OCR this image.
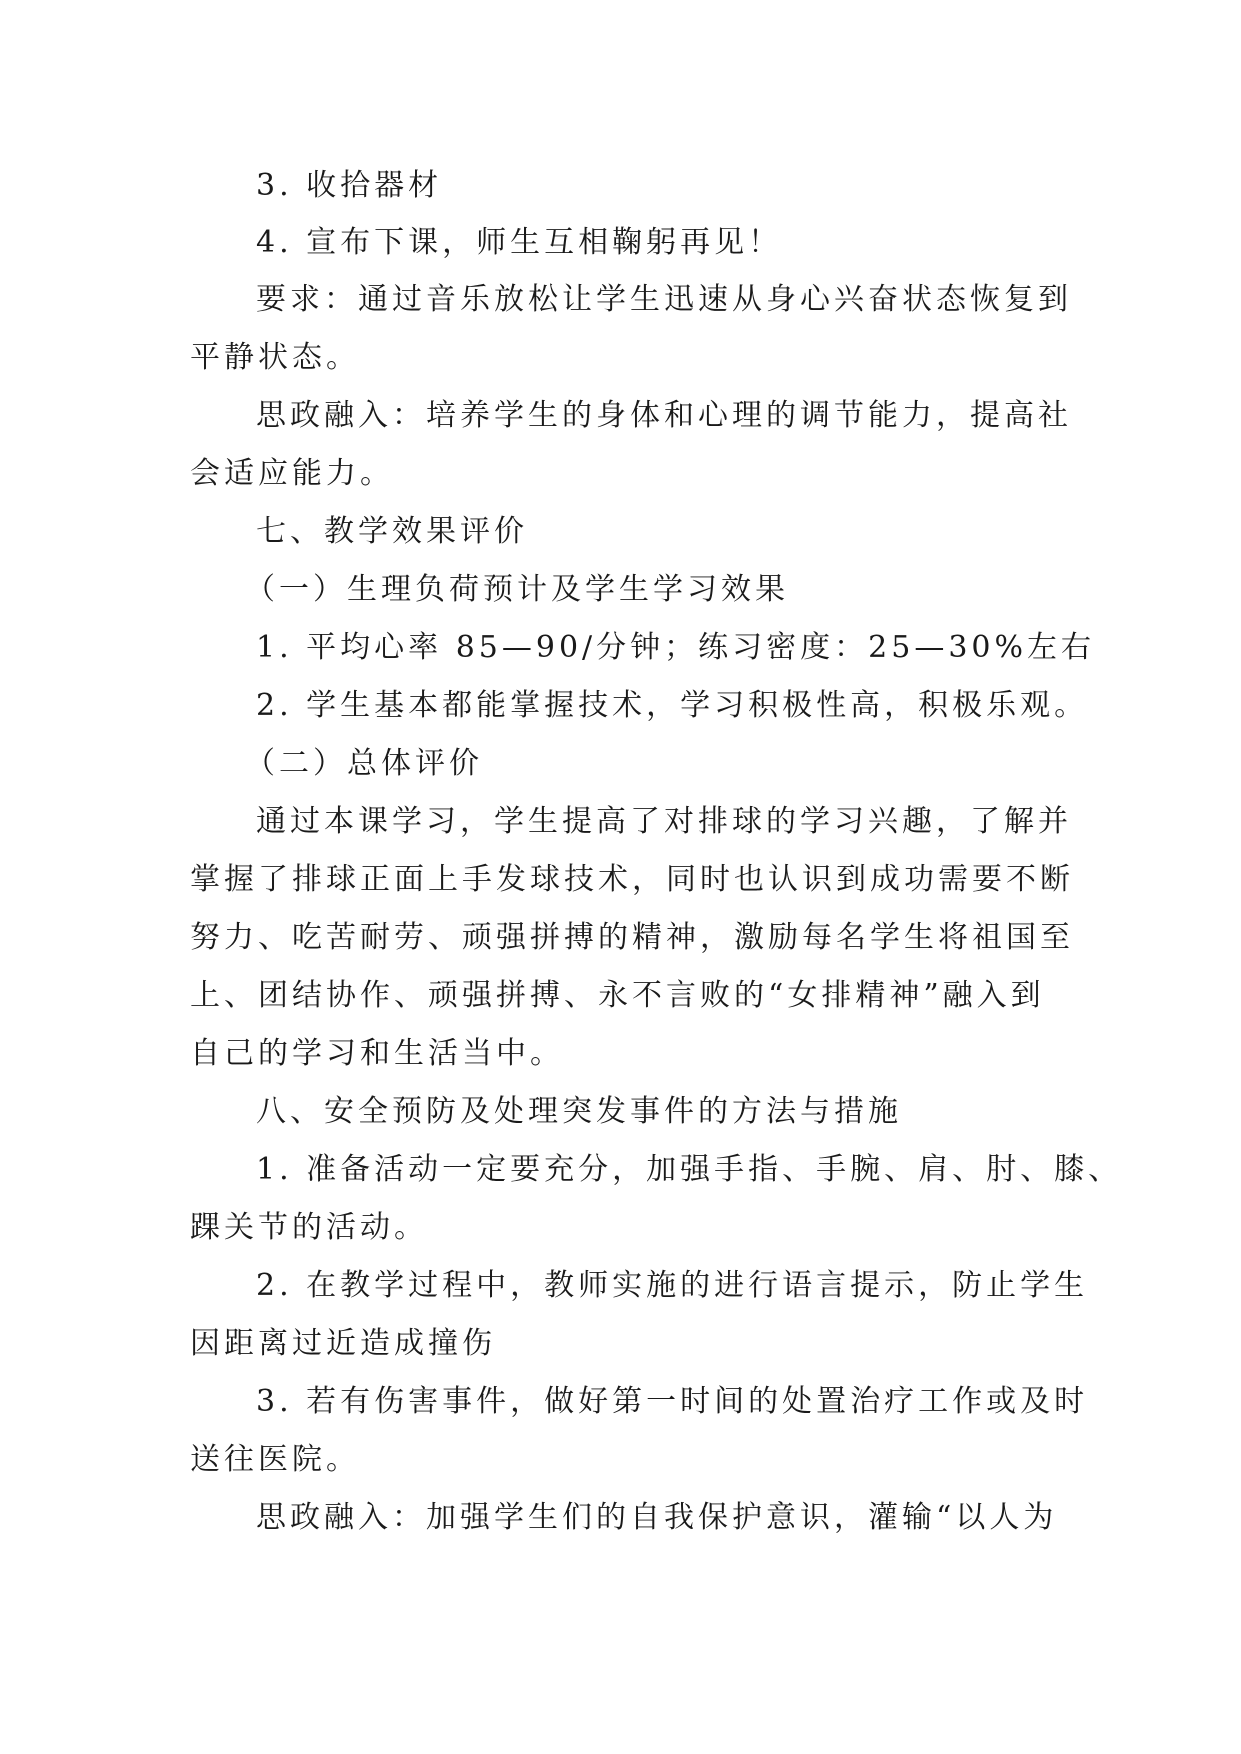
3. 收拾器材
4. 宣布下课，师生互相鞠躬再见！
要求：通过音乐放松让学生迅速从身心兴奋状态恢复到
平静状态。
思政融入：培养学生的身体和心理的调节能力，提高社
会适应能力。
七、教学效果评价
（一）生理负荷预计及学生学习效果
1. 平均心率 85—90/分钟；练习密度：25—30%左右
2. 学生基本都能掌握技术，学习积极性高，积极乐观。
（二）总体评价
通过本课学习，学生提高了对排球的学习兴趣，了解并
掌握了排球正面上手发球技术，同时也认识到成功需要不断
努力、吃苦耐劳、顽强拼搏的精神，激励每名学生将祖国至
上、团结协作、顽强拼搏、永不言败的“女排精神”融入到
自己的学习和生活当中。
八、安全预防及处理突发事件的方法与措施
1. 准备活动一定要充分，加强手指、手腕、肩、肘、膝、
踝关节的活动。
2. 在教学过程中，教师实施的进行语言提示，防止学生
因距离过近造成撞伤
3. 若有伤害事件，做好第一时间的处置治疗工作或及时
送往医院。
思政融入：加强学生们的自我保护意识，灌输“以人为
